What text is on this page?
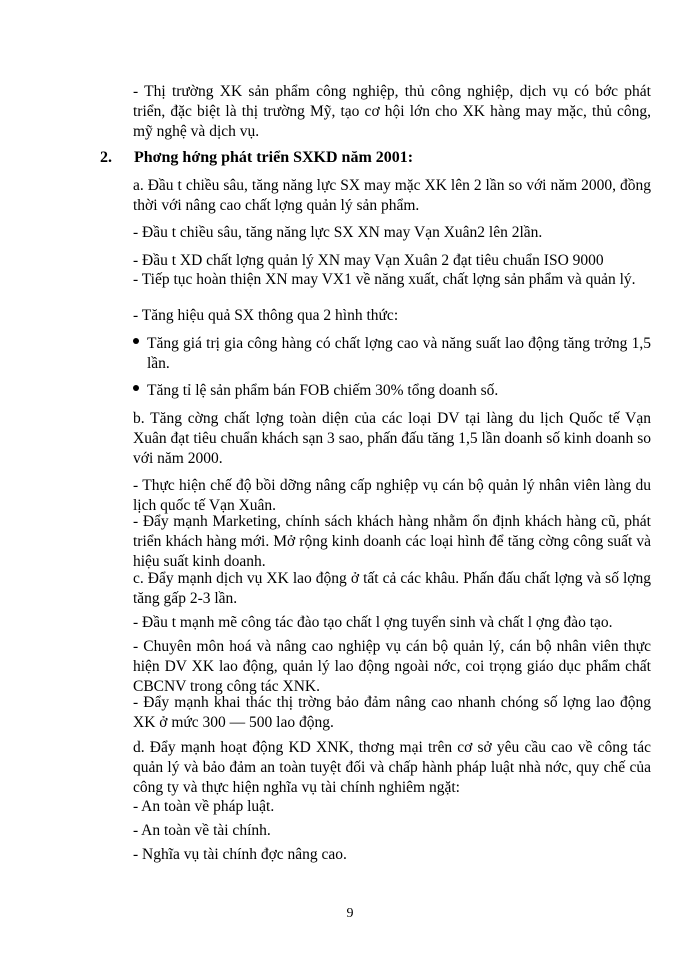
- Thị trường XK sản phẩm công nghiệp, thủ công nghiệp, dịch vụ có bớc phát triển, đặc biệt là thị trường Mỹ, tạo cơ hội lớn cho XK hàng may mặc, thủ công, mỹ nghệ và dịch vụ.
2. Phơng hớng phát triển SXKD năm 2001:
a. Đầu t chiều sâu, tăng năng lực SX may mặc XK lên 2 lần so với năm 2000, đồng thời với nâng cao chất lợng quản lý sản phẩm.
- Đầu t chiều sâu, tăng năng lực SX XN may Vạn Xuân2 lên 2lần.
- Đầu t XD chất lợng quản lý XN may Vạn Xuân 2 đạt tiêu chuẩn ISO 9000
- Tiếp tục hoàn thiện XN may VX1 về năng xuất, chất lợng sản phẩm và quản lý.
- Tăng hiệu quả SX thông qua 2 hình thức:
Tăng giá trị gia công hàng có chất lợng cao và năng suất lao động tăng trởng 1,5 lần.
Tăng tỉ lệ sản phẩm bán FOB chiếm 30% tổng doanh số.
b. Tăng cờng chất lợng toàn diện của các loại DV tại làng du lịch Quốc tế Vạn Xuân đạt tiêu chuẩn khách sạn 3 sao, phấn đấu tăng 1,5 lần doanh số kinh doanh so với năm 2000.
- Thực hiện chế độ bồi dỡng nâng cấp nghiệp vụ cán bộ quản lý nhân viên làng du lịch quốc tế Vạn Xuân.
- Đẩy mạnh Marketing, chính sách khách hàng nhằm ổn định khách hàng cũ, phát triển khách hàng mới. Mở rộng kinh doanh các loại hình để tăng cờng công suất và hiệu suất kinh doanh.
c. Đẩy mạnh dịch vụ XK lao động ở tất cả các khâu. Phấn đấu chất lợng và số lợng tăng gấp 2-3 lần.
- Đầu t mạnh mẽ công tác đào tạo chất l ợng tuyển sinh và chất l ợng đào tạo.
- Chuyên môn hoá và nâng cao nghiệp vụ cán bộ quản lý, cán bộ nhân viên thực hiện DV XK lao động, quản lý lao động ngoài nớc, coi trọng giáo dục phẩm chất CBCNV trong công tác XNK.
- Đẩy mạnh khai thác thị trờng bảo đảm nâng cao nhanh chóng số lợng lao động XK ở mức 300 — 500 lao động.
d. Đẩy mạnh hoạt động KD XNK, thơng mại trên cơ sở yêu cầu cao về công tác quản lý và bảo đảm an toàn tuyệt đối và chấp hành pháp luật nhà nớc, quy chế của công ty và thực hiện nghĩa vụ tài chính nghiêm ngặt:
- An toàn về pháp luật.
- An toàn về tài chính.
- Nghĩa vụ tài chính đợc nâng cao.
9
